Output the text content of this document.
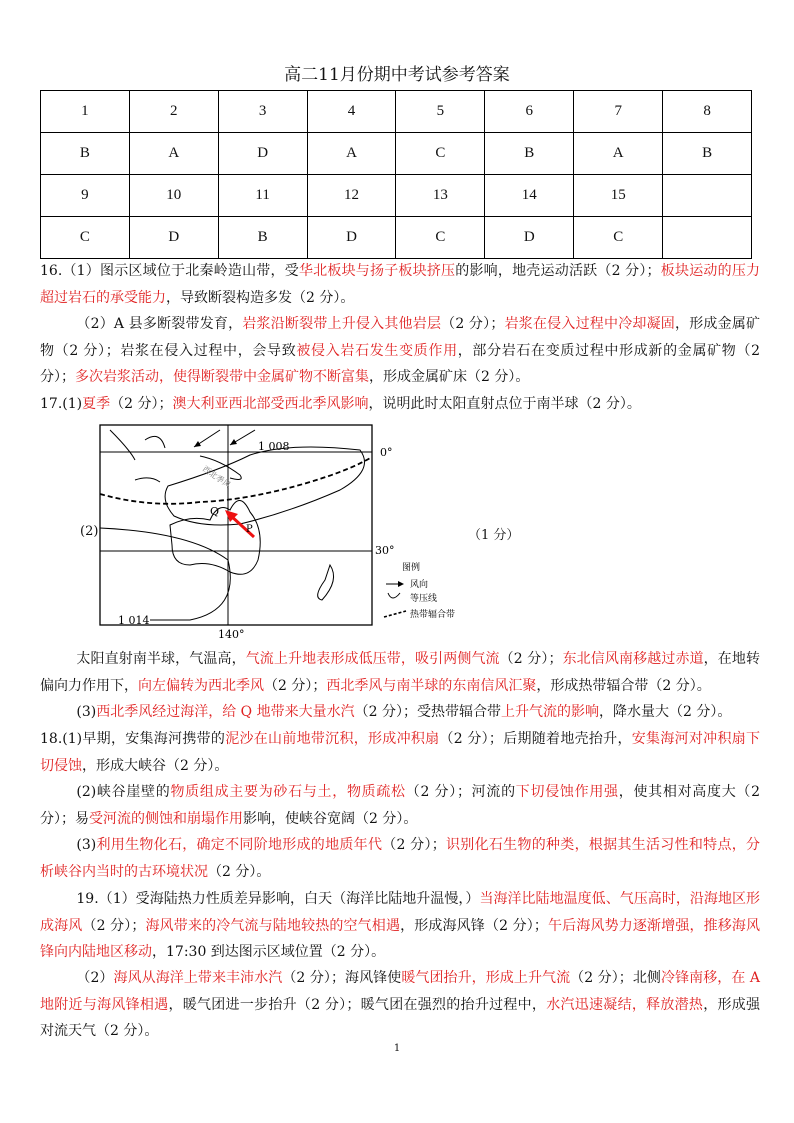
高二11月份期中考试参考答案
1	2	3	4	5	6	7	8
B	A	D	A	C	B	A	B
9	10	11	12	13	14	15	
C	D	B	D	C	D	C	
16.（1）图示区域位于北秦岭造山带，受华北板块与扬子板块挤压的影响，地壳运动活跃（2 分）；板块运动的压力超过岩石的承受能力，导致断裂构造多发（2 分）。
（2）A 县多断裂带发育，岩浆沿断裂带上升侵入其他岩层（2 分）；岩浆在侵入过程中冷却凝固，形成金属矿物（2 分）；岩浆在侵入过程中，会导致被侵入岩石发生变质作用，部分岩石在变质过程中形成新的金属矿物（2 分）；多次岩浆活动，使得断裂带中金属矿物不断富集，形成金属矿床（2 分）。
17.(1)夏季（2 分）；澳大利亚西北部受西北季风影响，说明此时太阳直射点位于南半球（2 分）。
太阳直射南半球，气温高，气流上升地表形成低压带，吸引两侧气流（2 分）；东北信风南移越过赤道，在地转偏向力作用下，向左偏转为西北季风（2 分）；西北季风与南半球的东南信风汇聚，形成热带辐合带（2 分）。
(3)西北季风经过海洋，给 Q 地带来大量水汽（2 分）；受热带辐合带上升气流的影响，降水量大（2 分）。
18.(1)早期，安集海河携带的泥沙在山前地带沉积，形成冲积扇（2 分）；后期随着地壳抬升，安集海河对冲积扇下切侵蚀，形成大峡谷（2 分）。
(2)峡谷崖壁的物质组成主要为砂石与土，物质疏松（2 分）；河流的下切侵蚀作用强，使其相对高度大（2 分）；易受河流的侧蚀和崩塌作用影响，使峡谷宽阔（2 分）。
(3)利用生物化石，确定不同阶地形成的地质年代（2 分）；识别化石生物的种类，根据其生活习性和特点，分析峡谷内当时的古环境状况（2 分）。
19.（1）受海陆热力性质差异影响，白天（海洋比陆地升温慢，）当海洋比陆地温度低、气压高时，沿海地区形成海风（2 分）；海风带来的冷气流与陆地较热的空气相遇，形成海风锋（2 分）；午后海风势力逐渐增强，推移海风锋向内陆地区移动，17:30 到达图示区域位置（2 分）。
（2）海风从海洋上带来丰沛水汽（2 分）；海风锋使暖气团抬升，形成上升气流（2 分）；北侧冷锋南移，在 A 地附近与海风锋相遇，暖气团进一步抬升（2 分）；暖气团在强烈的抬升过程中，水汽迅速凝结，释放潜热，形成强对流天气（2 分）。
(2)	（1 分）
1 008
1 014
0°
30°
140°
Q
P
西北季风
图例
风向
等压线
热带辐合带
1
